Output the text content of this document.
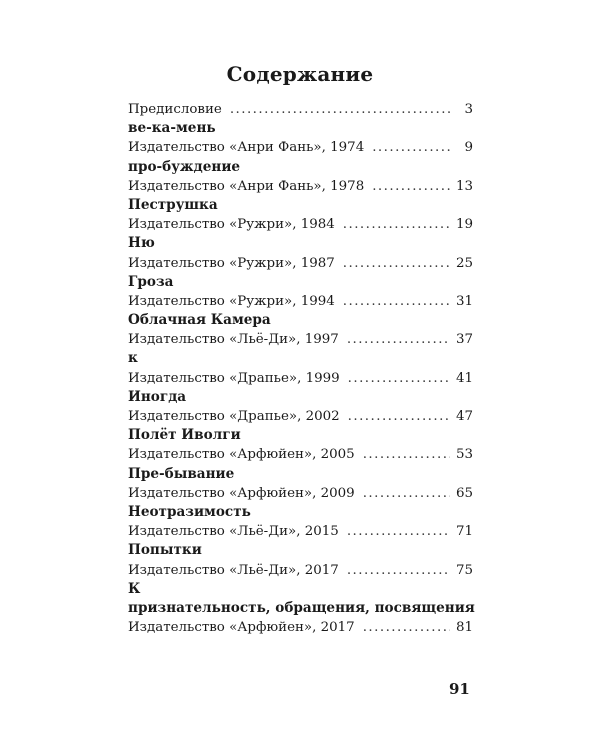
Содержание
Предисловие . . .	3
ве-ка-мень
Издательство «Анри Фань», 1974 . . .	9
про-буждение
Издательство «Анри Фань», 1978 . . .	13
Пеструшка
Издательство «Ружри», 1984 . . .	19
Ню
Издательство «Ружри», 1987 . . .	25
Гроза
Издательство «Ружри», 1994 . . .	31
Облачная Камера
Издательство «Льё-Ди», 1997 . . .	37
к
Издательство «Драпье», 1999 . . .	41
Иногда
Издательство «Драпье», 2002 . . .	47
Полёт Иволги
Издательство «Арфюйен», 2005 . . .	53
Пре-бывание
Издательство «Арфюйен», 2009 . . .	65
Неотразимость
Издательство «Льё-Ди», 2015 . . .	71
Попытки
Издательство «Льё-Ди», 2017 . . .	75
К
признательность, обращения, посвящения
Издательство «Арфюйен», 2017 . . .	81
91
